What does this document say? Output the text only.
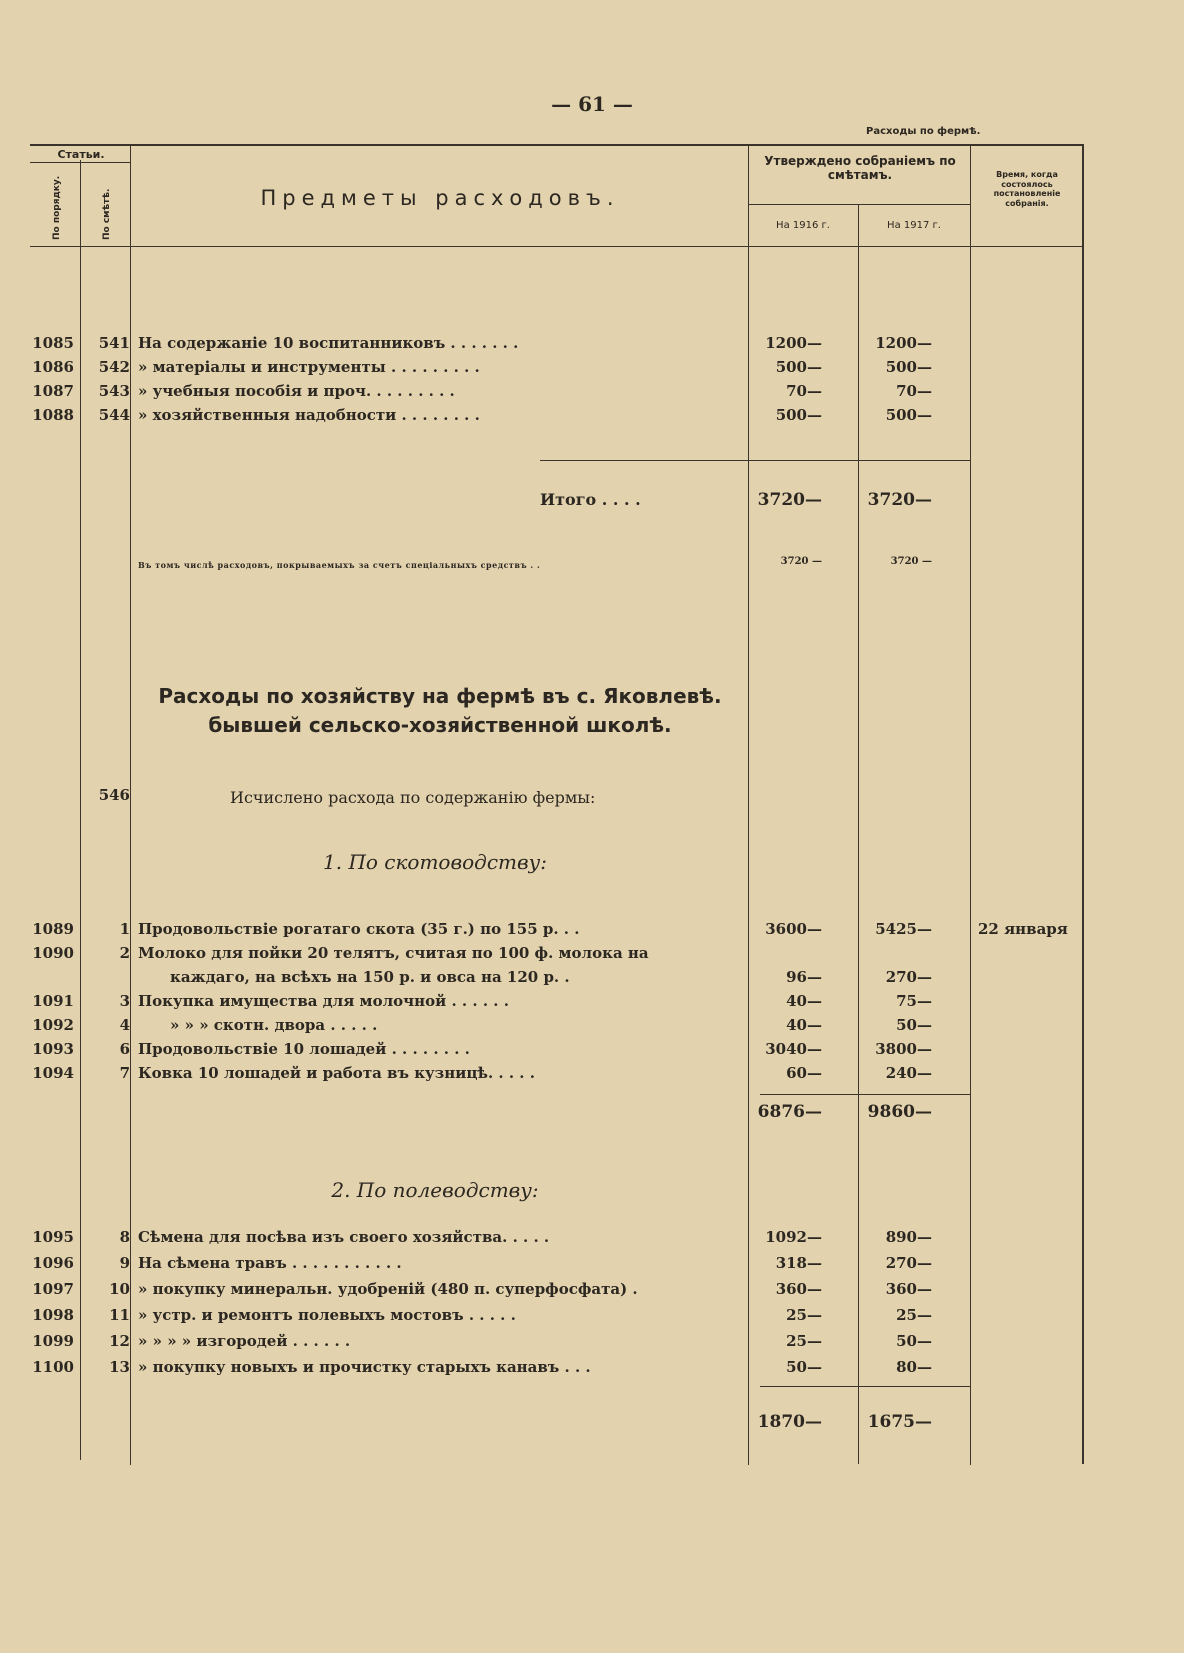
— 61 —
Расходы по фермѣ.
Статьи.
По порядку.	По смѣтѣ.	Предметы расходовъ.
Утверждено собраніемъ по смѣтамъ.
На 1916 г.	На 1917 г.
Время, когда состоялось постановленіе собранія.
1085	541 На содержаніе 10 воспитанниковъ . . . . . . .	1200—	1200—
1086	542 » матеріалы и инструменты . . . . . . . . .	500—	500—
1087	543 » учебныя пособія и проч. . . . . . . . .	70—	70—
1088	544 » хозяйственныя надобности . . . . . . . .	500—	500—
Итого . . . .	3720—	3720—
Въ томъ числѣ расходовъ, покрываемыхъ за счетъ спеціальныхъ средствъ . .	3720 —	3720 —
Расходы по хозяйству на фермѣ въ с. Яковлевѣ.
бывшей сельско-хозяйственной школѣ.
546	Исчислено расхода по содержанію фермы:
1. По скотоводству:
1089	1 Продовольствіе рогатаго скота (35 г.) по 155 р. . .	3600—	5425—	22 января
1090	2 Молоко для пойки 20 телятъ, считая по 100 ф. молока на
каждаго, на всѣхъ на 150 р. и овса на 120 р. .	96—	270—
1091	3 Покупка имущества для молочной . . . . . .	40—	75—
1092	4	» » » скотн. двора . . . . .	40—	50—
1093	6 Продовольствіе 10 лошадей . . . . . . . .	3040—	3800—
1094	7 Ковка 10 лошадей и работа въ кузницѣ. . . . .	60—	240—
6876—	9860—
2. По полеводству:
1095	8 Сѣмена для посѣва изъ своего хозяйства. . . . .	1092—	890—
1096	9 На сѣмена травъ . . . . . . . . . . .	318—	270—
1097	10 » покупку минеральн. удобреній (480 п. суперфосфата) .	360—	360—
1098	11 » устр. и ремонтъ полевыхъ мостовъ . . . . .	25—	25—
1099	12 » » » » изгородей . . . . . .	25—	50—
1100	13 » покупку новыхъ и прочистку старыхъ канавъ . . .	50—	80—
1870—	1675—
